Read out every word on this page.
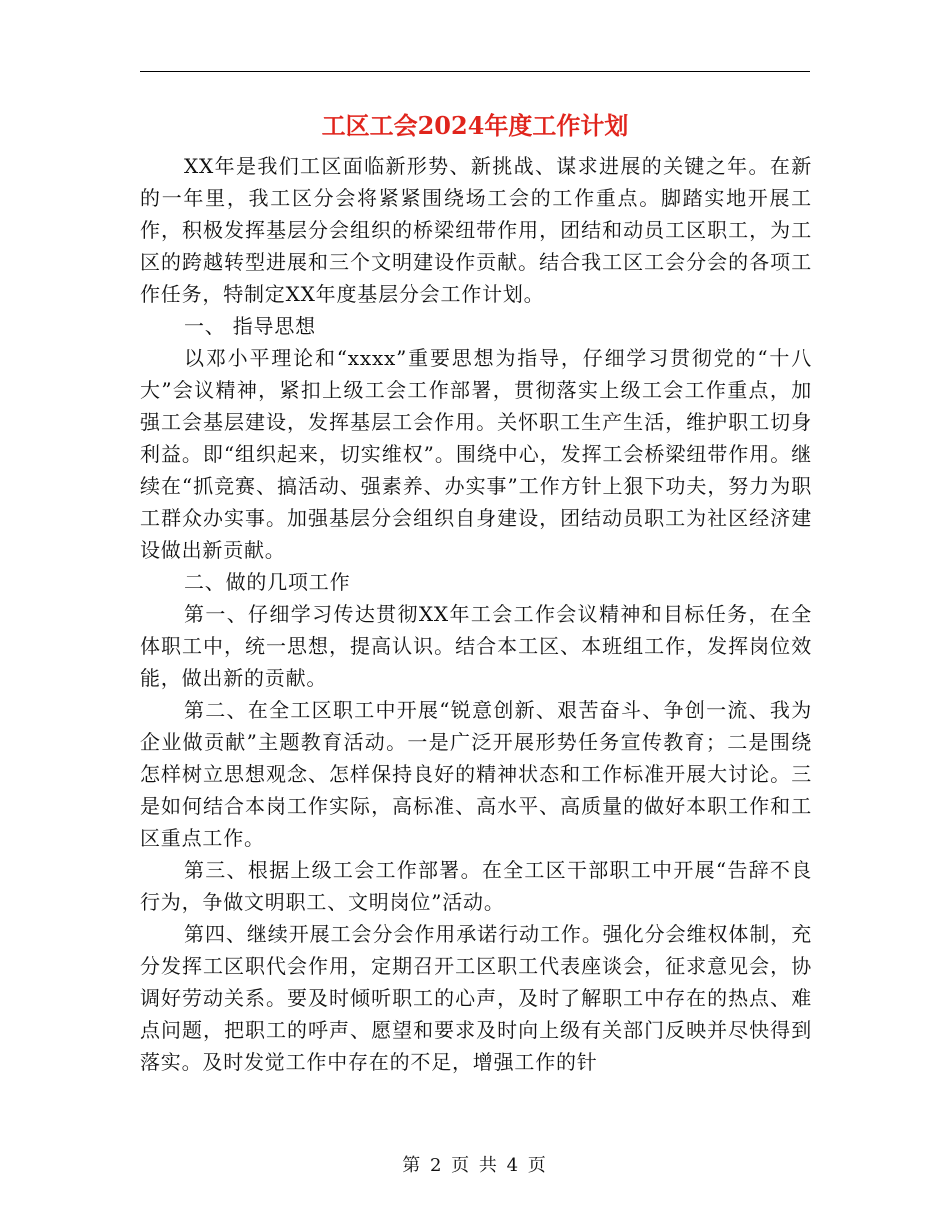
工区工会2024年度工作计划

XX年是我们工区面临新形势、新挑战、谋求进展的关键之年。在新的一年里，我工区分会将紧紧围绕场工会的工作重点。脚踏实地开展工作，积极发挥基层分会组织的桥梁纽带作用，团结和动员工区职工，为工区的跨越转型进展和三个文明建设作贡献。结合我工区工会分会的各项工作任务，特制定XX年度基层分会工作计划。

一、 指导思想

以邓小平理论和“xxxx”重要思想为指导，仔细学习贯彻党的“十八大”会议精神，紧扣上级工会工作部署，贯彻落实上级工会工作重点，加强工会基层建设，发挥基层工会作用。关怀职工生产生活，维护职工切身利益。即“组织起来，切实维权”。围绕中心，发挥工会桥梁纽带作用。继续在“抓竞赛、搞活动、强素养、办实事”工作方针上狠下功夫，努力为职工群众办实事。加强基层分会组织自身建设，团结动员职工为社区经济建设做出新贡献。

二、做的几项工作

第一、仔细学习传达贯彻XX年工会工作会议精神和目标任务，在全体职工中，统一思想，提高认识。结合本工区、本班组工作，发挥岗位效能，做出新的贡献。

第二、在全工区职工中开展“锐意创新、艰苦奋斗、争创一流、我为企业做贡献”主题教育活动。一是广泛开展形势任务宣传教育；二是围绕怎样树立思想观念、怎样保持良好的精神状态和工作标准开展大讨论。三是如何结合本岗工作实际，高标准、高水平、高质量的做好本职工作和工区重点工作。

第三、根据上级工会工作部署。在全工区干部职工中开展“告辞不良行为，争做文明职工、文明岗位”活动。

第四、继续开展工会分会作用承诺行动工作。强化分会维权体制，充分发挥工区职代会作用，定期召开工区职工代表座谈会，征求意见会，协调好劳动关系。要及时倾听职工的心声，及时了解职工中存在的热点、难点问题，把职工的呼声、愿望和要求及时向上级有关部门反映并尽快得到落实。及时发觉工作中存在的不足，增强工作的针

第 2 页 共 4 页
